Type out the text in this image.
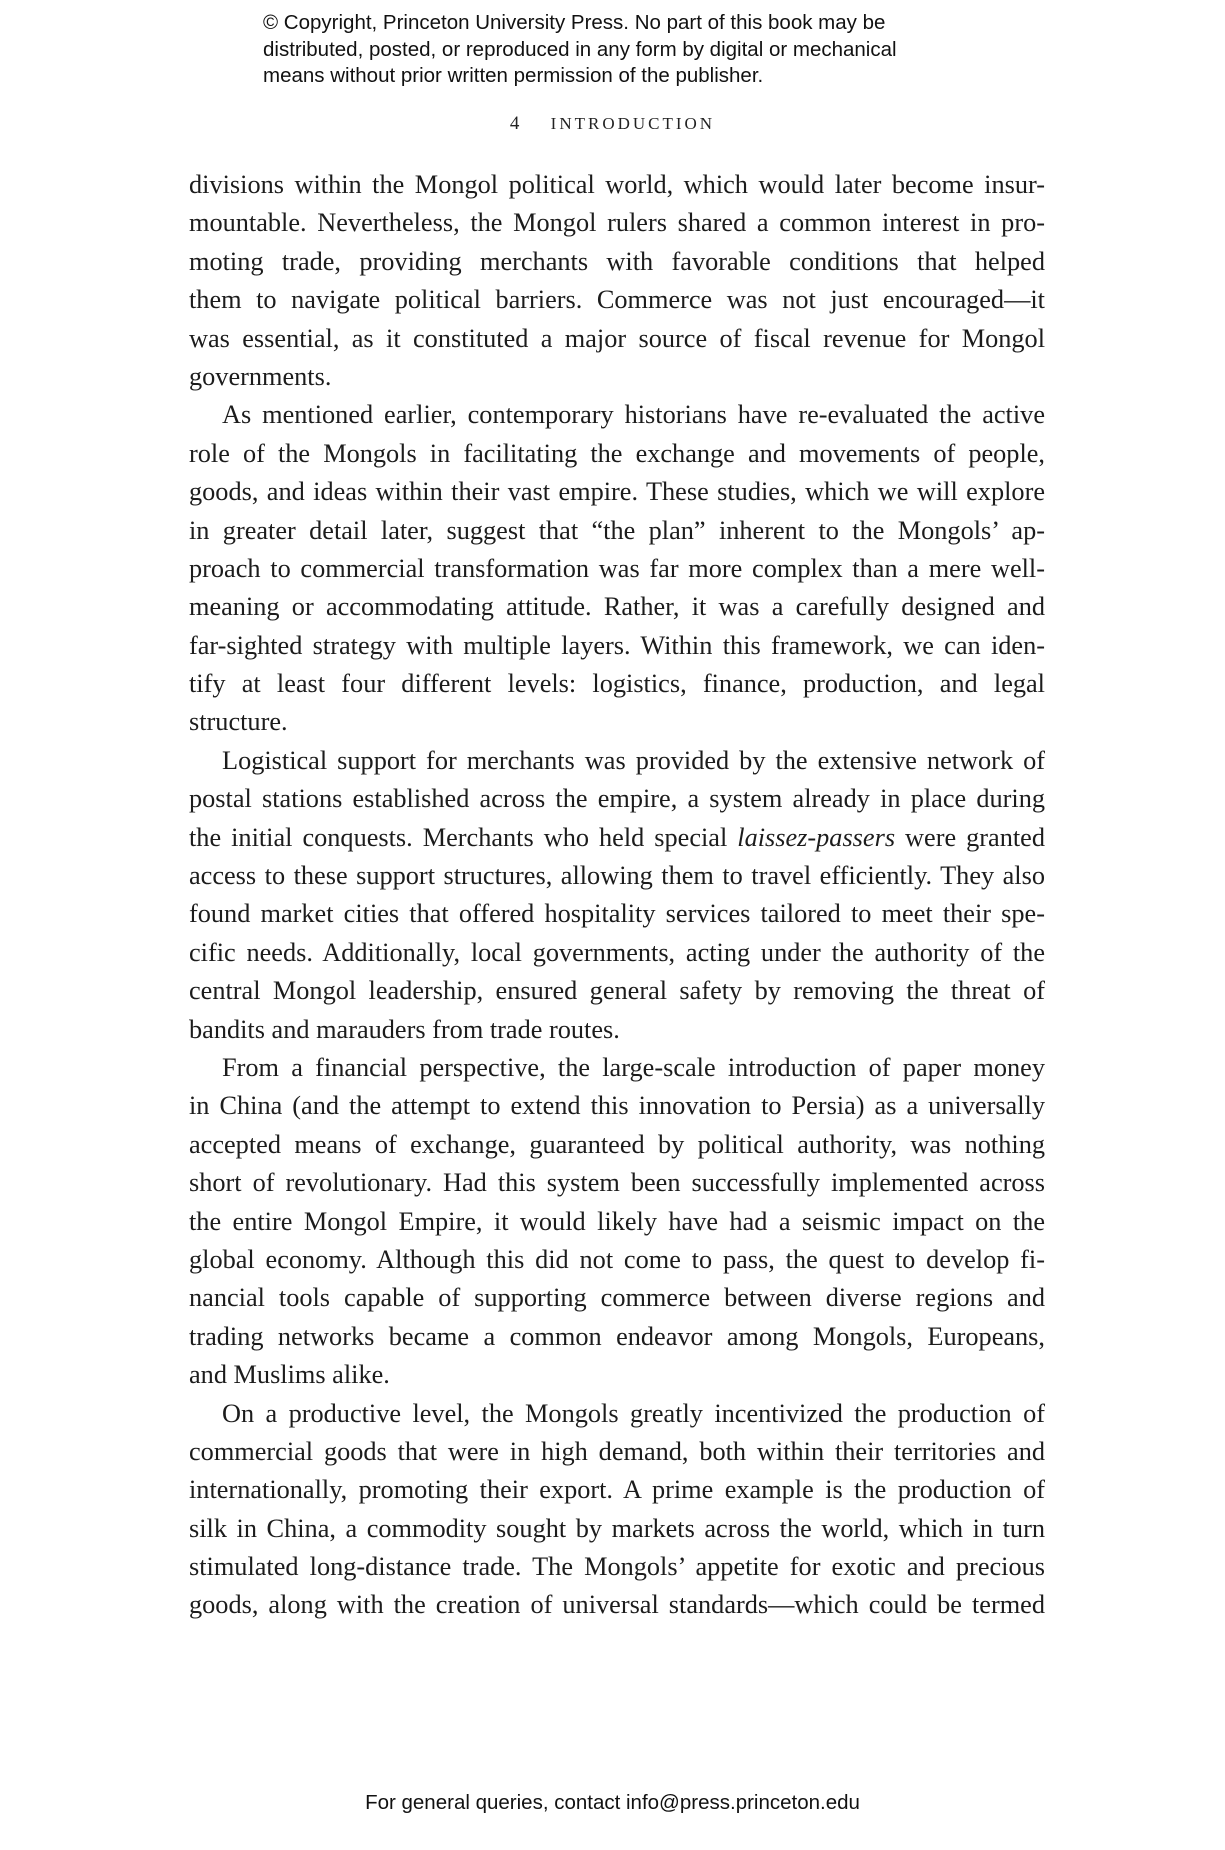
© Copyright, Princeton University Press. No part of this book may be
distributed, posted, or reproduced in any form by digital or mechanical
means without prior written permission of the publisher.
4 INTRODUCTION
divisions within the Mongol political world, which would later become insur-
mountable. Nevertheless, the Mongol rulers shared a common interest in pro-
moting trade, providing merchants with favorable conditions that helped
them to navigate political barriers. Commerce was not just encouraged—it
was essential, as it constituted a major source of fiscal revenue for Mongol
governments.
As mentioned earlier, contemporary historians have re-evaluated the active
role of the Mongols in facilitating the exchange and movements of people,
goods, and ideas within their vast empire. These studies, which we will explore
in greater detail later, suggest that “the plan” inherent to the Mongols’ ap-
proach to commercial transformation was far more complex than a mere well-
meaning or accommodating attitude. Rather, it was a carefully designed and
far-sighted strategy with multiple layers. Within this framework, we can iden-
tify at least four different levels: logistics, finance, production, and legal
structure.
Logistical support for merchants was provided by the extensive network of
postal stations established across the empire, a system already in place during
the initial conquests. Merchants who held special laissez-passers were granted
access to these support structures, allowing them to travel efficiently. They also
found market cities that offered hospitality services tailored to meet their spe-
cific needs. Additionally, local governments, acting under the authority of the
central Mongol leadership, ensured general safety by removing the threat of
bandits and marauders from trade routes.
From a financial perspective, the large-scale introduction of paper money
in China (and the attempt to extend this innovation to Persia) as a universally
accepted means of exchange, guaranteed by political authority, was nothing
short of revolutionary. Had this system been successfully implemented across
the entire Mongol Empire, it would likely have had a seismic impact on the
global economy. Although this did not come to pass, the quest to develop fi-
nancial tools capable of supporting commerce between diverse regions and
trading networks became a common endeavor among Mongols, Europeans,
and Muslims alike.
On a productive level, the Mongols greatly incentivized the production of
commercial goods that were in high demand, both within their territories and
internationally, promoting their export. A prime example is the production of
silk in China, a commodity sought by markets across the world, which in turn
stimulated long-distance trade. The Mongols’ appetite for exotic and precious
goods, along with the creation of universal standards—which could be termed
For general queries, contact info@press.princeton.edu
